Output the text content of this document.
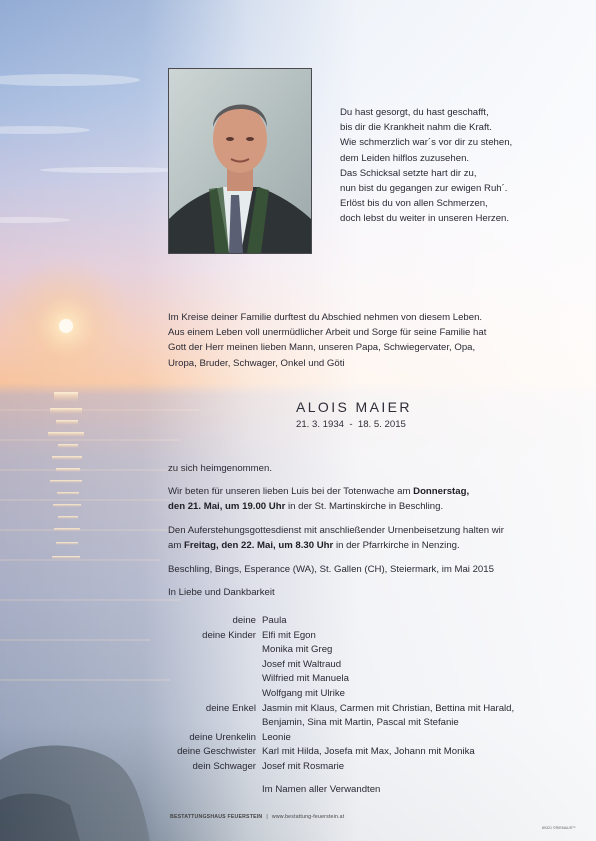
Du hast gesorgt, du hast geschafft,
bis dir die Krankheit nahm die Kraft.
Wie schmerzlich war´s vor dir zu stehen,
dem Leiden hilflos zuzusehen.
Das Schicksal setzte hart dir zu,
nun bist du gegangen zur ewigen Ruh´.
Erlöst bis du von allen Schmerzen,
doch lebst du weiter in unseren Herzen.
Im Kreise deiner Familie durftest du Abschied nehmen von diesem Leben.
Aus einem Leben voll unermüdlicher Arbeit und Sorge für seine Familie hat
Gott der Herr meinen lieben Mann, unseren Papa, Schwiegervater, Opa,
Uropa, Bruder, Schwager, Onkel und Göti
ALOIS MAIER
21. 3. 1934  -  18. 5. 2015
zu sich heimgenommen.
Wir beten für unseren lieben Luis bei der Totenwache am Donnerstag,
den 21. Mai, um 19.00 Uhr in der St. Martinskirche in Beschling.
Den Auferstehungsgottesdienst mit anschließender Urnenbeisetzung halten wir
am Freitag, den 22. Mai, um 8.30 Uhr in der Pfarrkirche in Nenzing.
Beschling, Bings, Esperance (WA), St. Gallen (CH), Steiermark, im Mai 2015
In Liebe und Dankbarkeit
deine Paula
deine Kinder Elfi mit Egon
Monika mit Greg
Josef mit Waltraud
Wilfried mit Manuela
Wolfgang mit Ulrike
deine Enkel Jasmin mit Klaus, Carmen mit Christian, Bettina mit Harald,
Benjamin, Sina mit Martin, Pascal mit Stefanie
deine Urenkelin Leonie
deine Geschwister Karl mit Hilda, Josefa mit Max, Johann mit Monika
dein Schwager Josef mit Rosmarie
Im Namen aller Verwandten
BESTATTUNGSHAUS FEUERSTEIN | www.bestattung-feuerstein.at
89321 ©RIEMAUS™
